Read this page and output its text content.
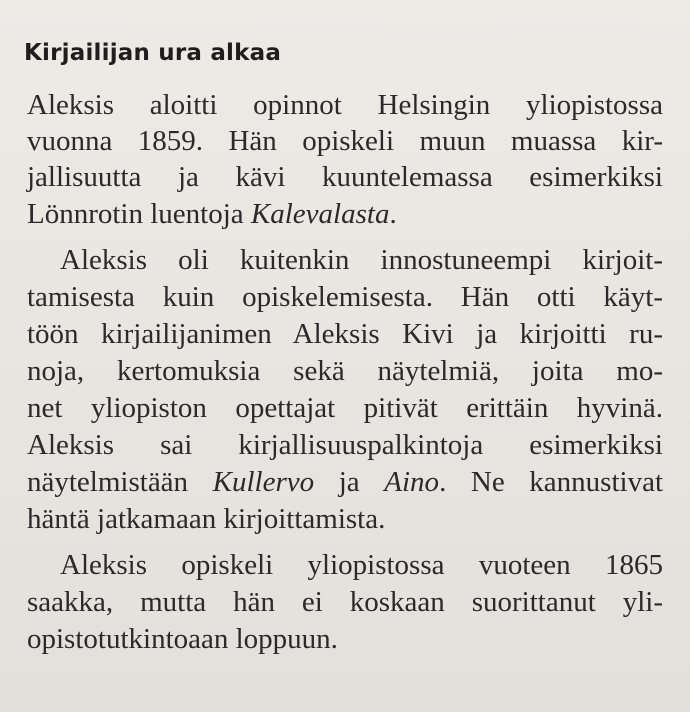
Kirjailijan ura alkaa
Aleksis aloitti opinnot Helsingin yliopistossa
vuonna 1859. Hän opiskeli muun muassa kir-
jallisuutta ja kävi kuuntelemassa esimerkiksi
Lönnrotin luentoja Kalevalasta.
Aleksis oli kuitenkin innostuneempi kirjoit-
tamisesta kuin opiskelemisesta. Hän otti käyt-
töön kirjailijanimen Aleksis Kivi ja kirjoitti ru-
noja, kertomuksia sekä näytelmiä, joita mo-
net yliopiston opettajat pitivät erittäin hyvinä.
Aleksis sai kirjallisuuspalkintoja esimerkiksi
näytelmistään Kullervo ja Aino. Ne kannustivat
häntä jatkamaan kirjoittamista.
Aleksis opiskeli yliopistossa vuoteen 1865
saakka, mutta hän ei koskaan suorittanut yli-
opistotutkintoaan loppuun.
